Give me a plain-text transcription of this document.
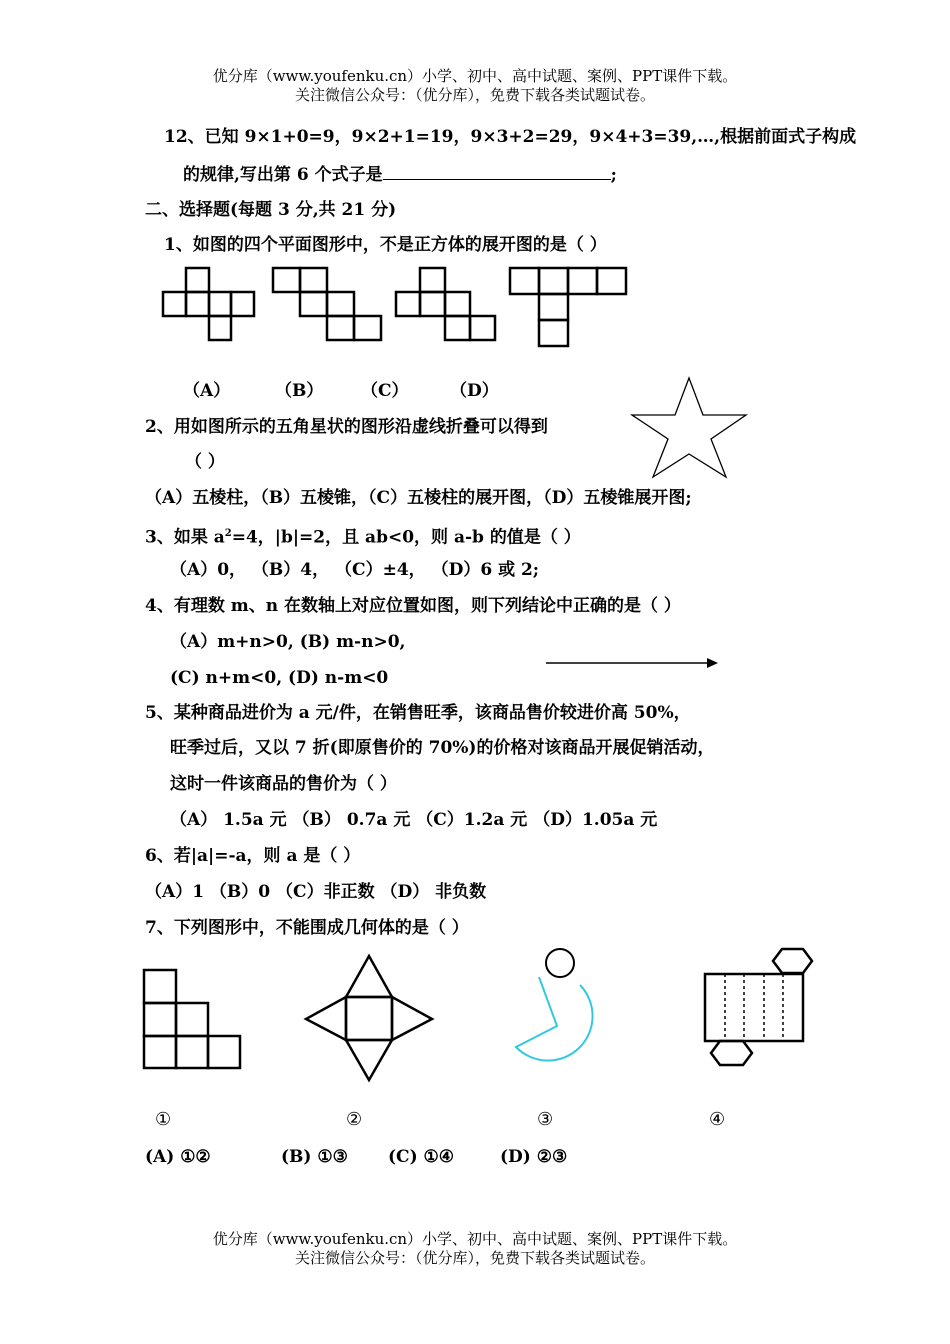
优分库（www.youfenku.cn）小学、初中、高中试题、案例、PPT课件下载。
关注微信公众号：（优分库），免费下载各类试题试卷。
12、已知 9×1+0=9，9×2+1=19，9×3+2=29，9×4+3=39,…,根据前面式子构成
的规律,写出第 6 个式子是	;
二、选择题(每题 3 分,共 21 分)
1、如图的四个平面图形中，不是正方体的展开图的是（ ）
（A）	（B） （C） （D）
2、用如图所示的五角星状的图形沿虚线折叠可以得到
（ ）
（A）五棱柱，（B）五棱锥，（C）五棱柱的展开图，（D）五棱锥展开图;
3、如果 $a^2=4$，|b|=2，且 ab<0，则 a-b 的值是（ ）
（A）0， （B）4， （C）±4， （D）6 或 2;
4、有理数 m、n 在数轴上对应位置如图，则下列结论中正确的是（ ）
（A）m+n>0, (B) m-n>0,
(C) n+m<0, (D) n-m<0
5、某种商品进价为 a 元/件，在销售旺季，该商品售价较进价高 50%，
旺季过后，又以 7 折(即原售价的 70%)的价格对该商品开展促销活动，
这时一件该商品的售价为（ ）
（A） 1.5a 元 （B） 0.7a 元 （C）1.2a 元 （D）1.05a 元
6、若|a|=-a，则 a 是（ ）
（A）1 （B）0 （C）非正数 （D） 非负数
7、下列图形中，不能围成几何体的是（ ）
①	②	③	④
(A) ①②	(B) ①③ (C) ①④	(D) ②③
优分库（www.youfenku.cn）小学、初中、高中试题、案例、PPT课件下载。
关注微信公众号：（优分库），免费下载各类试题试卷。
